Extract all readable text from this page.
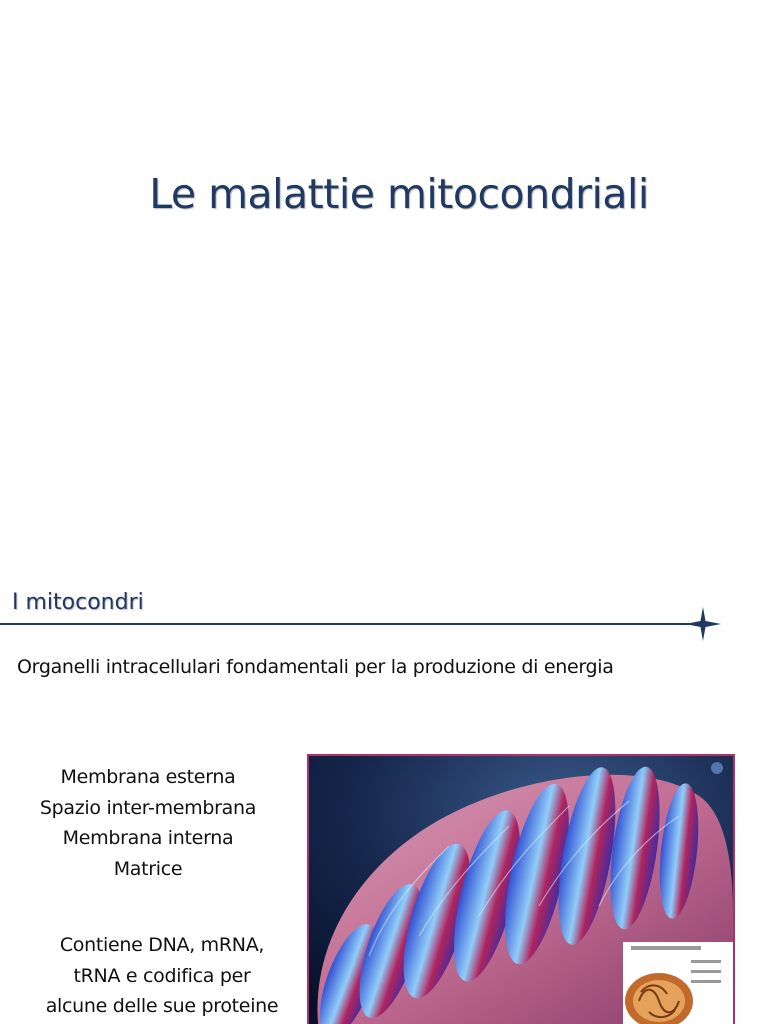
Le malattie mitocondriali
I mitocondri
Organelli intracellulari fondamentali per la produzione di energia
Membrana esterna
Spazio inter-membrana
Membrana interna
Matrice
Contiene DNA, mRNA,
tRNA e codifica per
alcune delle sue proteine
